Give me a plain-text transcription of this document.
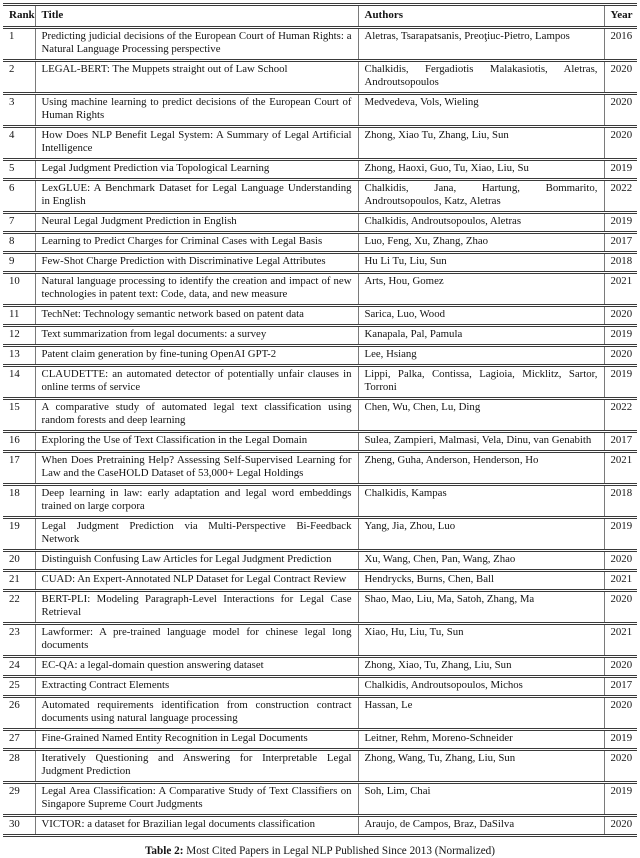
Rank	Title	Authors	Year
1	Predicting judicial decisions of the European Court of Human Rights: a Natural Language Processing perspective	Aletras, Tsarapatsanis, Preoţiuc-Pietro, Lampos	2016
2	LEGAL-BERT: The Muppets straight out of Law School	Chalkidis, Fergadiotis Malakasiotis, Aletras, Androutsopoulos	2020
3	Using machine learning to predict decisions of the European Court of Human Rights	Medvedeva, Vols, Wieling	2020
4	How Does NLP Benefit Legal System: A Summary of Legal Artificial Intelligence	Zhong, Xiao Tu, Zhang, Liu, Sun	2020
5	Legal Judgment Prediction via Topological Learning	Zhong, Haoxi, Guo, Tu, Xiao, Liu, Su	2019
6	LexGLUE: A Benchmark Dataset for Legal Language Understanding in English	Chalkidis, Jana, Hartung, Bommarito, Androutsopoulos, Katz, Aletras	2022
7	Neural Legal Judgment Prediction in English	Chalkidis, Androutsopoulos, Aletras	2019
8	Learning to Predict Charges for Criminal Cases with Legal Basis	Luo, Feng, Xu, Zhang, Zhao	2017
9	Few-Shot Charge Prediction with Discriminative Legal Attributes	Hu Li Tu, Liu, Sun	2018
10	Natural language processing to identify the creation and impact of new technologies in patent text: Code, data, and new measure	Arts, Hou, Gomez	2021
11	TechNet: Technology semantic network based on patent data	Sarica, Luo, Wood	2020
12	Text summarization from legal documents: a survey	Kanapala, Pal, Pamula	2019
13	Patent claim generation by fine-tuning OpenAI GPT-2	Lee, Hsiang	2020
14	CLAUDETTE: an automated detector of potentially unfair clauses in online terms of service	Lippi, Palka, Contissa, Lagioia, Micklitz, Sartor, Torroni	2019
15	A comparative study of automated legal text classification using random forests and deep learning	Chen, Wu, Chen, Lu, Ding	2022
16	Exploring the Use of Text Classification in the Legal Domain	Sulea, Zampieri, Malmasi, Vela, Dinu, van Genabith	2017
17	When Does Pretraining Help? Assessing Self-Supervised Learning for Law and the CaseHOLD Dataset of 53,000+ Legal Holdings	Zheng, Guha, Anderson, Henderson, Ho	2021
18	Deep learning in law: early adaptation and legal word embeddings trained on large corpora	Chalkidis, Kampas	2018
19	Legal Judgment Prediction via Multi-Perspective Bi-Feedback Network	Yang, Jia, Zhou, Luo	2019
20	Distinguish Confusing Law Articles for Legal Judgment Prediction	Xu, Wang, Chen, Pan, Wang, Zhao	2020
21	CUAD: An Expert-Annotated NLP Dataset for Legal Contract Review	Hendrycks, Burns, Chen, Ball	2021
22	BERT-PLI: Modeling Paragraph-Level Interactions for Legal Case Retrieval	Shao, Mao, Liu, Ma, Satoh, Zhang, Ma	2020
23	Lawformer: A pre-trained language model for chinese legal long documents	Xiao, Hu, Liu, Tu, Sun	2021
24	EC-QA: a legal-domain question answering dataset	Zhong, Xiao, Tu, Zhang, Liu, Sun	2020
25	Extracting Contract Elements	Chalkidis, Androutsopoulos, Michos	2017
26	Automated requirements identification from construction contract documents using natural language processing	Hassan, Le	2020
27	Fine-Grained Named Entity Recognition in Legal Documents	Leitner, Rehm, Moreno-Schneider	2019
28	Iteratively Questioning and Answering for Interpretable Legal Judgment Prediction	Zhong, Wang, Tu, Zhang, Liu, Sun	2020
29	Legal Area Classification: A Comparative Study of Text Classifiers on Singapore Supreme Court Judgments	Soh, Lim, Chai	2019
30	VICTOR: a dataset for Brazilian legal documents classification	Araujo, de Campos, Braz, DaSilva	2020
Table 2: Most Cited Papers in Legal NLP Published Since 2013 (Normalized)
